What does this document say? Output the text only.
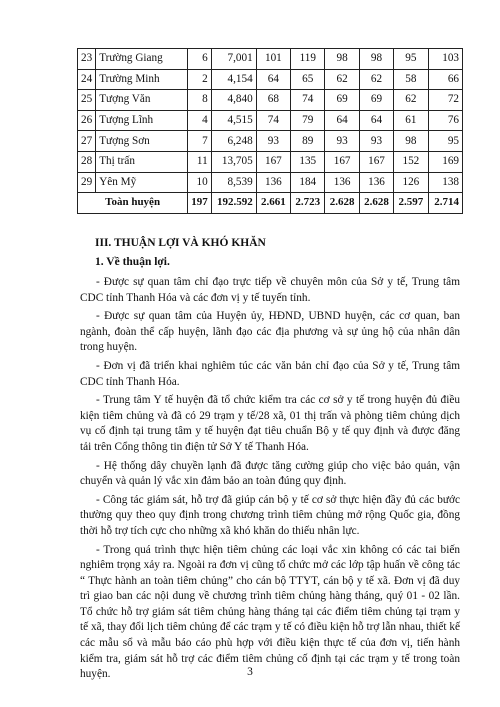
23	Trường Giang	6	7,001	101	119	98	98	95	103
24	Trường Minh	2	4,154	64	65	62	62	58	66
25	Tượng Văn	8	4,840	68	74	69	69	62	72
26	Tượng Lĩnh	4	4,515	74	79	64	64	61	76
27	Tượng Sơn	7	6,248	93	89	93	93	98	95
28	Thị trấn	11	13,705	167	135	167	167	152	169
29	Yên Mỹ	10	8,539	136	184	136	136	126	138
Toàn huyện		197	192.592	2.661	2.723	2.628	2.628	2.597	2.714
III. THUẬN LỢI VÀ KHÓ KHĂN
1. Về thuận lợi.

- Được sự quan tâm chỉ đạo trực tiếp về chuyên môn của Sở y tế, Trung tâm CDC tỉnh Thanh Hóa và các đơn vị y tế tuyến tỉnh.

- Được sự quan tâm của Huyện ủy, HĐND, UBND huyện, các cơ quan, ban ngành, đoàn thể cấp huyện, lãnh đạo các địa phương và sự ủng hộ của nhân dân trong huyện.

- Đơn vị đã triển khai nghiêm túc các văn bản chỉ đạo của Sở y tế, Trung tâm CDC tỉnh Thanh Hóa.

- Trung tâm Y tế huyện đã tổ chức kiểm tra các cơ sở y tế trong huyện đủ điều kiện tiêm chủng và đã có 29 trạm y tế/28 xã, 01 thị trấn và phòng tiêm chủng dịch vụ cố định tại trung tâm y tế huyện đạt tiêu chuẩn Bộ y tế quy định và được đăng tải trên Cổng thông tin điện tử Sở Y tế Thanh Hóa.

- Hệ thống dây chuyền lạnh đã được tăng cường giúp cho việc bảo quản, vận chuyển và quản lý vắc xin đảm bảo an toàn đúng quy định.

- Công tác giám sát, hỗ trợ đã giúp cán bộ y tế cơ sở thực hiện đầy đủ các bước thường quy theo quy định trong chương trình tiêm chủng mở rộng Quốc gia, đồng thời hỗ trợ tích cực cho những xã khó khăn do thiếu nhân lực.

- Trong quá trình thực hiện tiêm chủng các loại vắc xin không có các tai biến nghiêm trọng xảy ra. Ngoài ra đơn vị cũng tổ chức mở các lớp tập huấn về công tác “ Thực hành an toàn tiêm chủng” cho cán bộ TTYT, cán bộ y tế xã. Đơn vị đã duy trì giao ban các nội dung về chương trình tiêm chủng hàng tháng, quý 01 - 02 lần. Tổ chức hỗ trợ giám sát tiêm chủng hàng tháng tại các điểm tiêm chủng tại trạm y tế xã, thay đổi lịch tiêm chủng để các trạm y tế có điều kiện hỗ trợ lẫn nhau, thiết kế các mẫu sổ và mẫu báo cáo phù hợp với điều kiện thực tế của đơn vị, tiến hành kiểm tra, giám sát hỗ trợ các điểm tiêm chủng cố định tại các trạm y tế trong toàn huyện.	3
